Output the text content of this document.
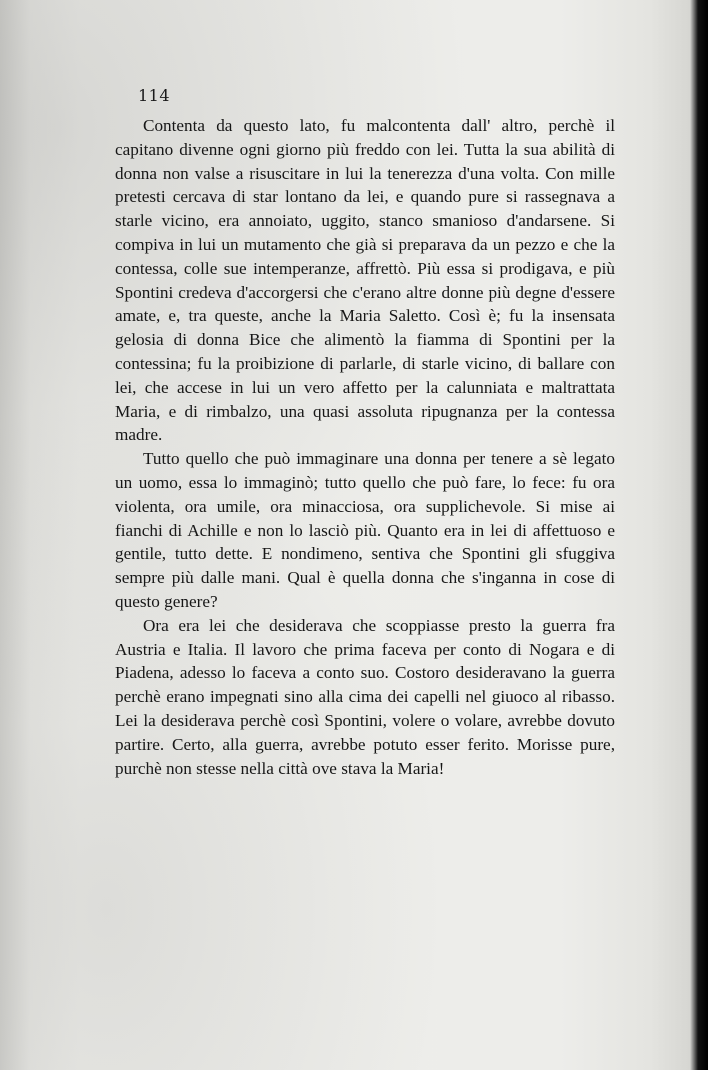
114

Contenta da questo lato, fu malcontenta dall' altro, perchè il capitano divenne ogni giorno più freddo con lei. Tutta la sua abilità di donna non valse a risuscitare in lui la tenerezza d'una volta. Con mille pretesti cercava di star lontano da lei, e quando pure si rassegnava a starle vicino, era annoiato, uggito, stanco smanioso d'andarsene. Si compiva in lui un mutamento che già si preparava da un pezzo e che la contessa, colle sue intemperanze, affrettò. Più essa si prodigava, e più Spontini credeva d'accorgersi che c'erano altre donne più degne d'essere amate, e, tra queste, anche la Maria Saletto. Così è; fu la insensata gelosia di donna Bice che alimentò la fiamma di Spontini per la contessina; fu la proibizione di parlarle, di starle vicino, di ballare con lei, che accese in lui un vero affetto per la calunniata e maltrattata Maria, e di rimbalzo, una quasi assoluta ripugnanza per la contessa madre.

Tutto quello che può immaginare una donna per tenere a sè legato un uomo, essa lo immaginò; tutto quello che può fare, lo fece: fu ora violenta, ora umile, ora minacciosa, ora supplichevole. Si mise ai fianchi di Achille e non lo lasciò più. Quanto era in lei di affettuoso e gentile, tutto dette. E nondimeno, sentiva che Spontini gli sfuggiva sempre più dalle mani. Qual è quella donna che s'inganna in cose di questo genere?

Ora era lei che desiderava che scoppiasse presto la guerra fra Austria e Italia. Il lavoro che prima faceva per conto di Nogara e di Piadena, adesso lo faceva a conto suo. Costoro desideravano la guerra perchè erano impegnati sino alla cima dei capelli nel giuoco al ribasso. Lei la desiderava perchè così Spontini, volere o volare, avrebbe dovuto partire. Certo, alla guerra, avrebbe potuto esser ferito. Morisse pure, purchè non stesse nella città ove stava la Maria!
